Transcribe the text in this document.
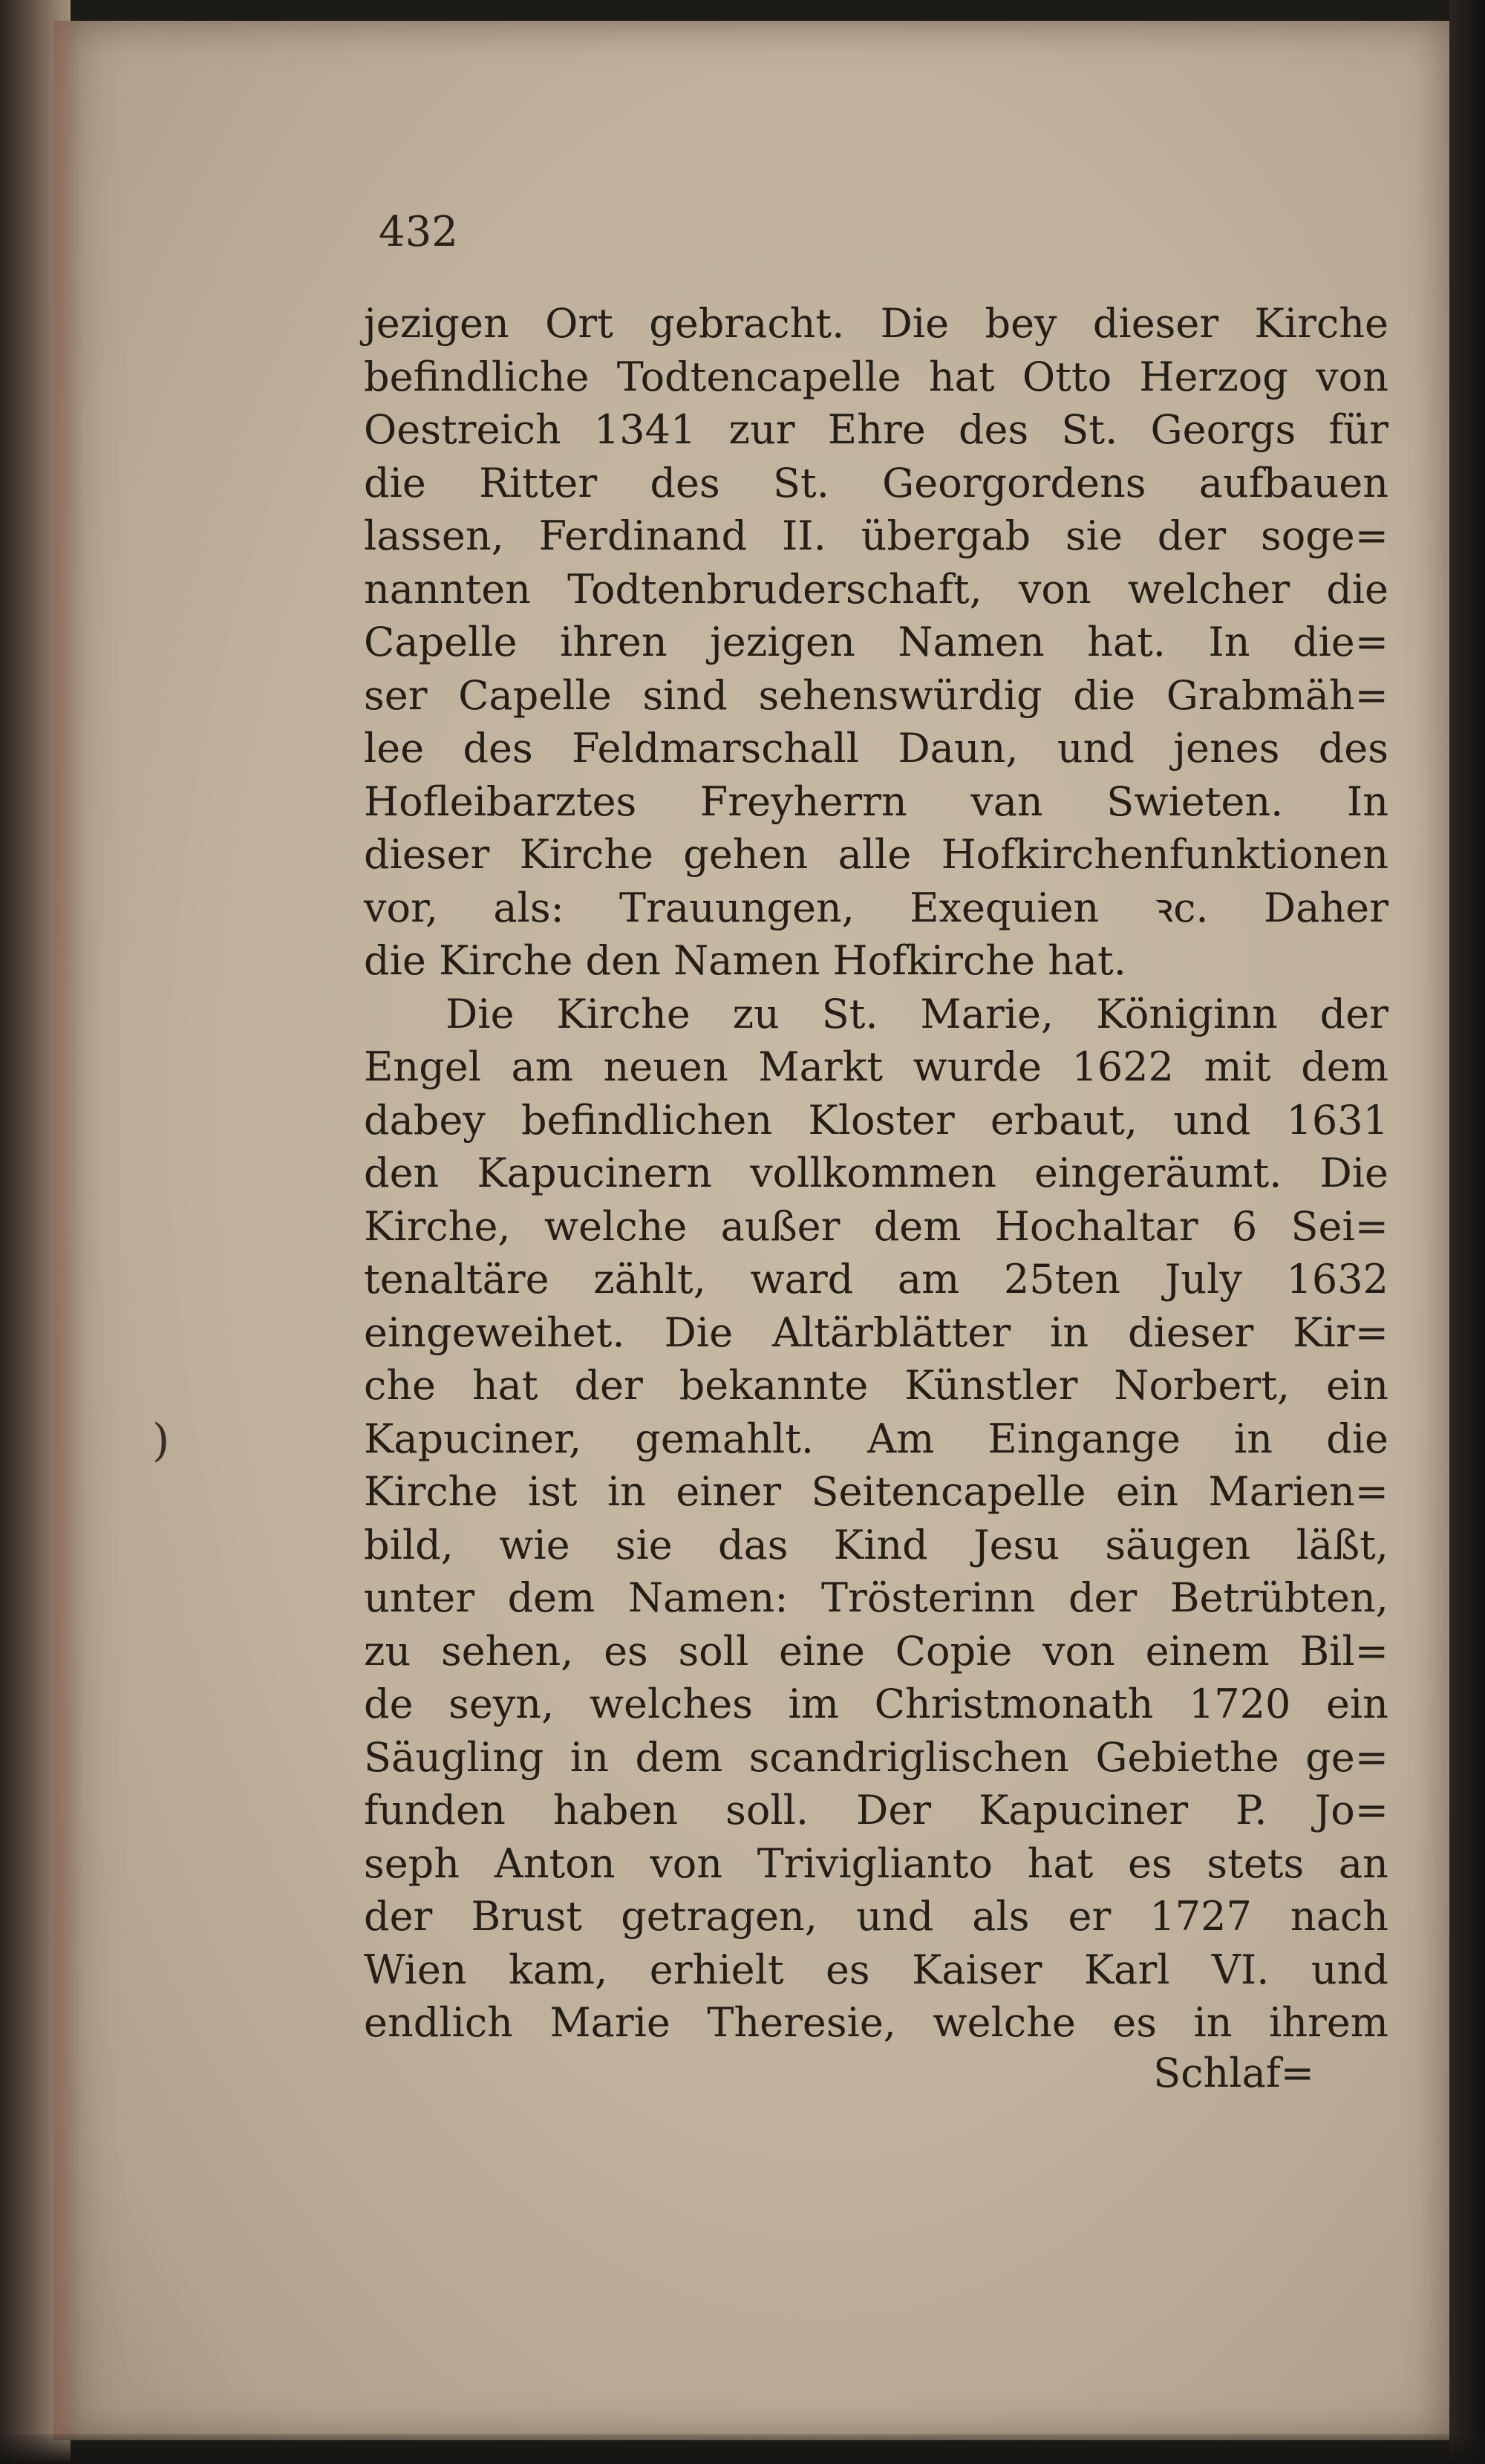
432
)
jezigen Ort gebracht. Die bey dieser Kirche
befindliche Todtencapelle hat Otto Herzog von
Oestreich 1341 zur Ehre des St. Georgs für
die Ritter des St. Georgordens aufbauen
lassen, Ferdinand II. übergab sie der soge=
nannten Todtenbruderschaft, von welcher die
Capelle ihren jezigen Namen hat. In die=
ser Capelle sind sehenswürdig die Grabmäh=
lee des Feldmarschall Daun, und jenes des
Hofleibarztes Freyherrn van Swieten. In
dieser Kirche gehen alle Hofkirchenfunktionen
vor, als: Trauungen, Exequien ꝛc. Daher
die Kirche den Namen Hofkirche hat.
Die Kirche zu St. Marie, Königinn der
Engel am neuen Markt wurde 1622 mit dem
dabey befindlichen Kloster erbaut, und 1631
den Kapucinern vollkommen eingeräumt. Die
Kirche, welche außer dem Hochaltar 6 Sei=
tenaltäre zählt, ward am 25ten July 1632
eingeweihet. Die Altärblätter in dieser Kir=
che hat der bekannte Künstler Norbert, ein
Kapuciner, gemahlt. Am Eingange in die
Kirche ist in einer Seitencapelle ein Marien=
bild, wie sie das Kind Jesu säugen läßt,
unter dem Namen: Trösterinn der Betrübten,
zu sehen, es soll eine Copie von einem Bil=
de seyn, welches im Christmonath 1720 ein
Säugling in dem scandriglischen Gebiethe ge=
funden haben soll. Der Kapuciner P. Jo=
seph Anton von Triviglianto hat es stets an
der Brust getragen, und als er 1727 nach
Wien kam, erhielt es Kaiser Karl VI. und
endlich Marie Theresie, welche es in ihrem
Schlaf=
